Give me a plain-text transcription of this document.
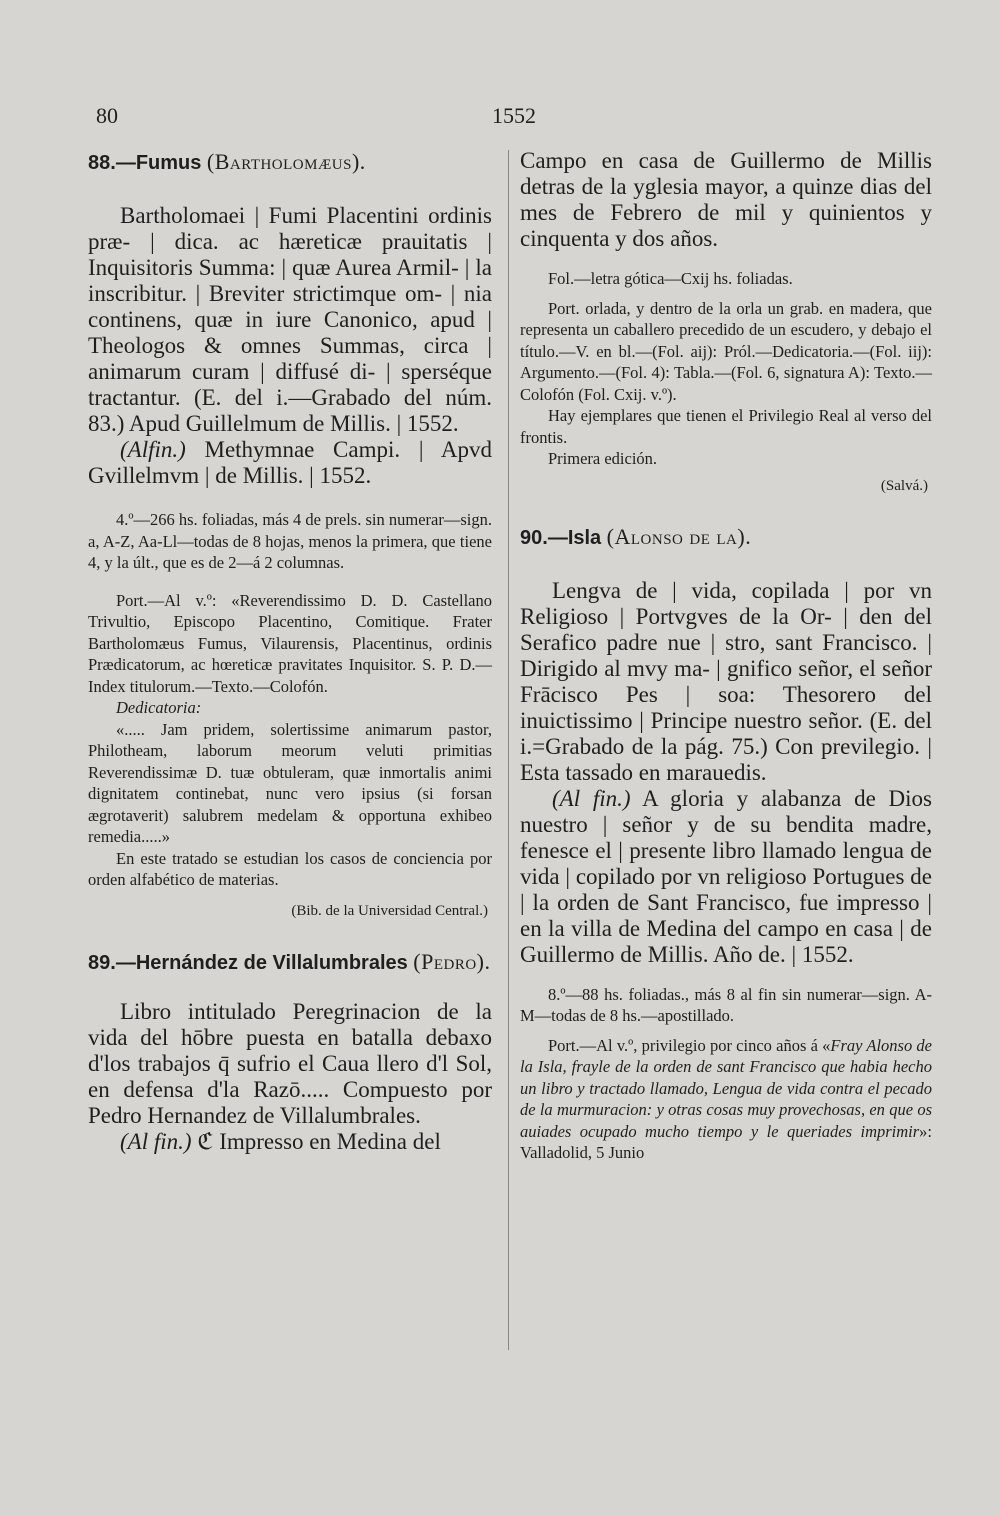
80	1552

88.—Fumus (Bartholomæus).

Bartholomaei | Fumi Placentini ordinis præ- | dica. ac hæreticæ prauitatis | Inquisitoris Summa: | quæ Aurea Armil- | la inscribitur. | Breviter strictimque om- | nia continens, quæ in iure Canonico, apud | Theologos & omnes Summas, circa | animarum curam | diffusé di- | sperséque tractantur. (E. del i.—Grabado del núm. 83.) Apud Guillelmum de Millis. | 1552.

(Alfin.) Methymnae Campi. | Apvd Gvillelmvm | de Millis. | 1552.

4.º—266 hs. foliadas, más 4 de prels. sin numerar—sign. a, A-Z, Aa-Ll—todas de 8 hojas, menos la primera, que tiene 4, y la últ., que es de 2—á 2 columnas.

Port.—Al v.º: «Reverendissimo D. D. Castellano Trivultio, Episcopo Placentino, Comitique. Frater Bartholomæus Fumus, Vilaurensis, Placentinus, ordinis Prædicatorum, ac hœreticæ pravitates Inquisitor. S. P. D.—Index titulorum.—Texto.—Colofón.

Dedicatoria:

«..... Jam pridem, solertissime animarum pastor, Philotheam, laborum meorum veluti primitias Reverendissimæ D. tuæ obtuleram, quæ inmortalis animi dignitatem continebat, nunc vero ipsius (si forsan ægrotaverit) salubrem medelam & opportuna exhibeo remedia.....»

En este tratado se estudian los casos de conciencia por orden alfabético de materias.

(Bib. de la Universidad Central.)

89.—Hernández de Villalumbrales (Pedro).

Libro intitulado Peregrinacion de la vida del hōbre puesta en batalla debaxo d'los trabajos q̄ sufrio el Caua llero d'l Sol, en defensa d'la Razō..... Compuesto por Pedro Hernandez de Villalumbrales.

(Al fin.) ℭ Impresso en Medina del

Campo en casa de Guillermo de Millis detras de la yglesia mayor, a quinze dias del mes de Febrero de mil y quinientos y cinquenta y dos años.

Fol.—letra gótica—Cxij hs. foliadas.

Port. orlada, y dentro de la orla un grab. en madera, que representa un caballero precedido de un escudero, y debajo el título.—V. en bl.—(Fol. aij): Pról.—Dedicatoria.—(Fol. iij): Argumento.—(Fol. 4): Tabla.—(Fol. 6, signatura A): Texto.—Colofón (Fol. Cxij. v.º).

Hay ejemplares que tienen el Privilegio Real al verso del frontis.

Primera edición.

(Salvá.)

90.—Isla (Alonso de la).

Lengva de | vida, copilada | por vn Religioso | Portvgves de la Or- | den del Serafico padre nue | stro, sant Francisco. | Dirigido al mvy ma- | gnifico señor, el señor Frācisco Pes | soa: Thesorero del inuictissimo | Principe nuestro señor. (E. del i.=Grabado de la pág. 75.) Con previlegio. | Esta tassado en marauedis.

(Al fin.) A gloria y alabanza de Dios nuestro | señor y de su bendita madre, fenesce el | presente libro llamado lengua de vida | copilado por vn religioso Portugues de | la orden de Sant Francisco, fue impresso | en la villa de Medina del campo en casa | de Guillermo de Millis. Año de. | 1552.

8.º—88 hs. foliadas., más 8 al fin sin numerar—sign. A-M—todas de 8 hs.—apostillado.

Port.—Al v.º, privilegio por cinco años á «Fray Alonso de la Isla, frayle de la orden de sant Francisco que habia hecho un libro y tractado llamado, Lengua de vida contra el pecado de la murmuracion: y otras cosas muy provechosas, en que os auiades ocupado mucho tiempo y le queriades imprimir»: Valladolid, 5 Junio
